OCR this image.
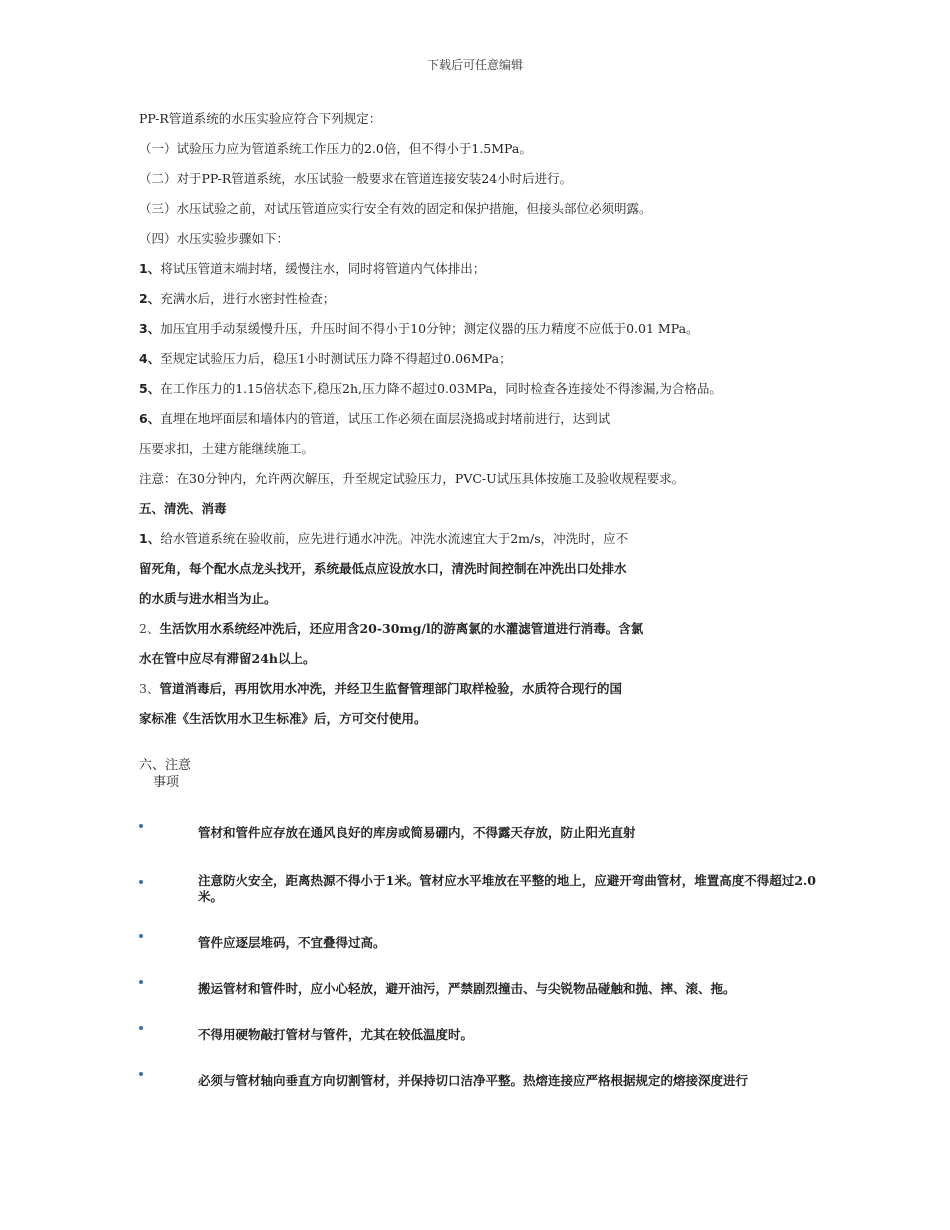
下载后可任意编辑
PP-R管道系统的水压实验应符合下列规定：
（一）试验压力应为管道系统工作压力的2.0倍，但不得小于1.5MPa。
（二）对于PP-R管道系统，水压试验一般要求在管道连接安装24小时后进行。
（三）水压试验之前，对试压管道应实行安全有效的固定和保护措施，但接头部位必须明露。
（四）水压实验步骤如下：
1、将试压管道末端封堵，缓慢注水，同时将管道内气体排出；
2、充满水后，进行水密封性检查；
3、加压宜用手动泵缓慢升压，升压时间不得小于10分钟；测定仪器的压力精度不应低于0.01 MPa。
4、至规定试验压力后，稳压1小时测试压力降不得超过0.06MPa；
5、在工作压力的1.15倍状态下,稳压2h,压力降不超过0.03MPa，同时检查各连接处不得渗漏,为合格品。
6、直埋在地坪面层和墙体内的管道，试压工作必须在面层浇捣或封堵前进行，达到试
压要求扣，土建方能继续施工。
注意：在30分钟内，允许两次解压，升至规定试验压力，PVC-U试压具体按施工及验收规程要求。
五、清洗、消毒
1、给水管道系统在验收前，应先进行通水冲洗。冲洗水流速宜大于2m/s，冲洗时，应不
留死角，每个配水点龙头找开，系统最低点应设放水口，清洗时间控制在冲洗出口处排水
的水质与进水相当为止。
2、生活饮用水系统经冲洗后，还应用含20-30mg/l的游离氯的水灌滤管道进行消毒。含氯
水在管中应尽有滞留24h以上。
3、管道消毒后，再用饮用水冲洗，并经卫生监督管理部门取样检验，水质符合现行的国
家标准《生活饮用水卫生标准》后，方可交付使用。
六、注意
事项
管材和管件应存放在通风良好的库房或简易硼内，不得露天存放，防止阳光直射
注意防火安全，距离热源不得小于1米。管材应水平堆放在平整的地上，应避开弯曲管材，堆置高度不得超过2.0米。
管件应逐层堆码，不宜叠得过高。
搬运管材和管件时，应小心轻放，避开油污，严禁剧烈撞击、与尖锐物品碰触和抛、摔、滚、拖。
不得用硬物敲打管材与管件，尤其在较低温度时。
必须与管材轴向垂直方向切割管材，并保持切口洁净平整。热熔连接应严格根据规定的熔接深度进行
